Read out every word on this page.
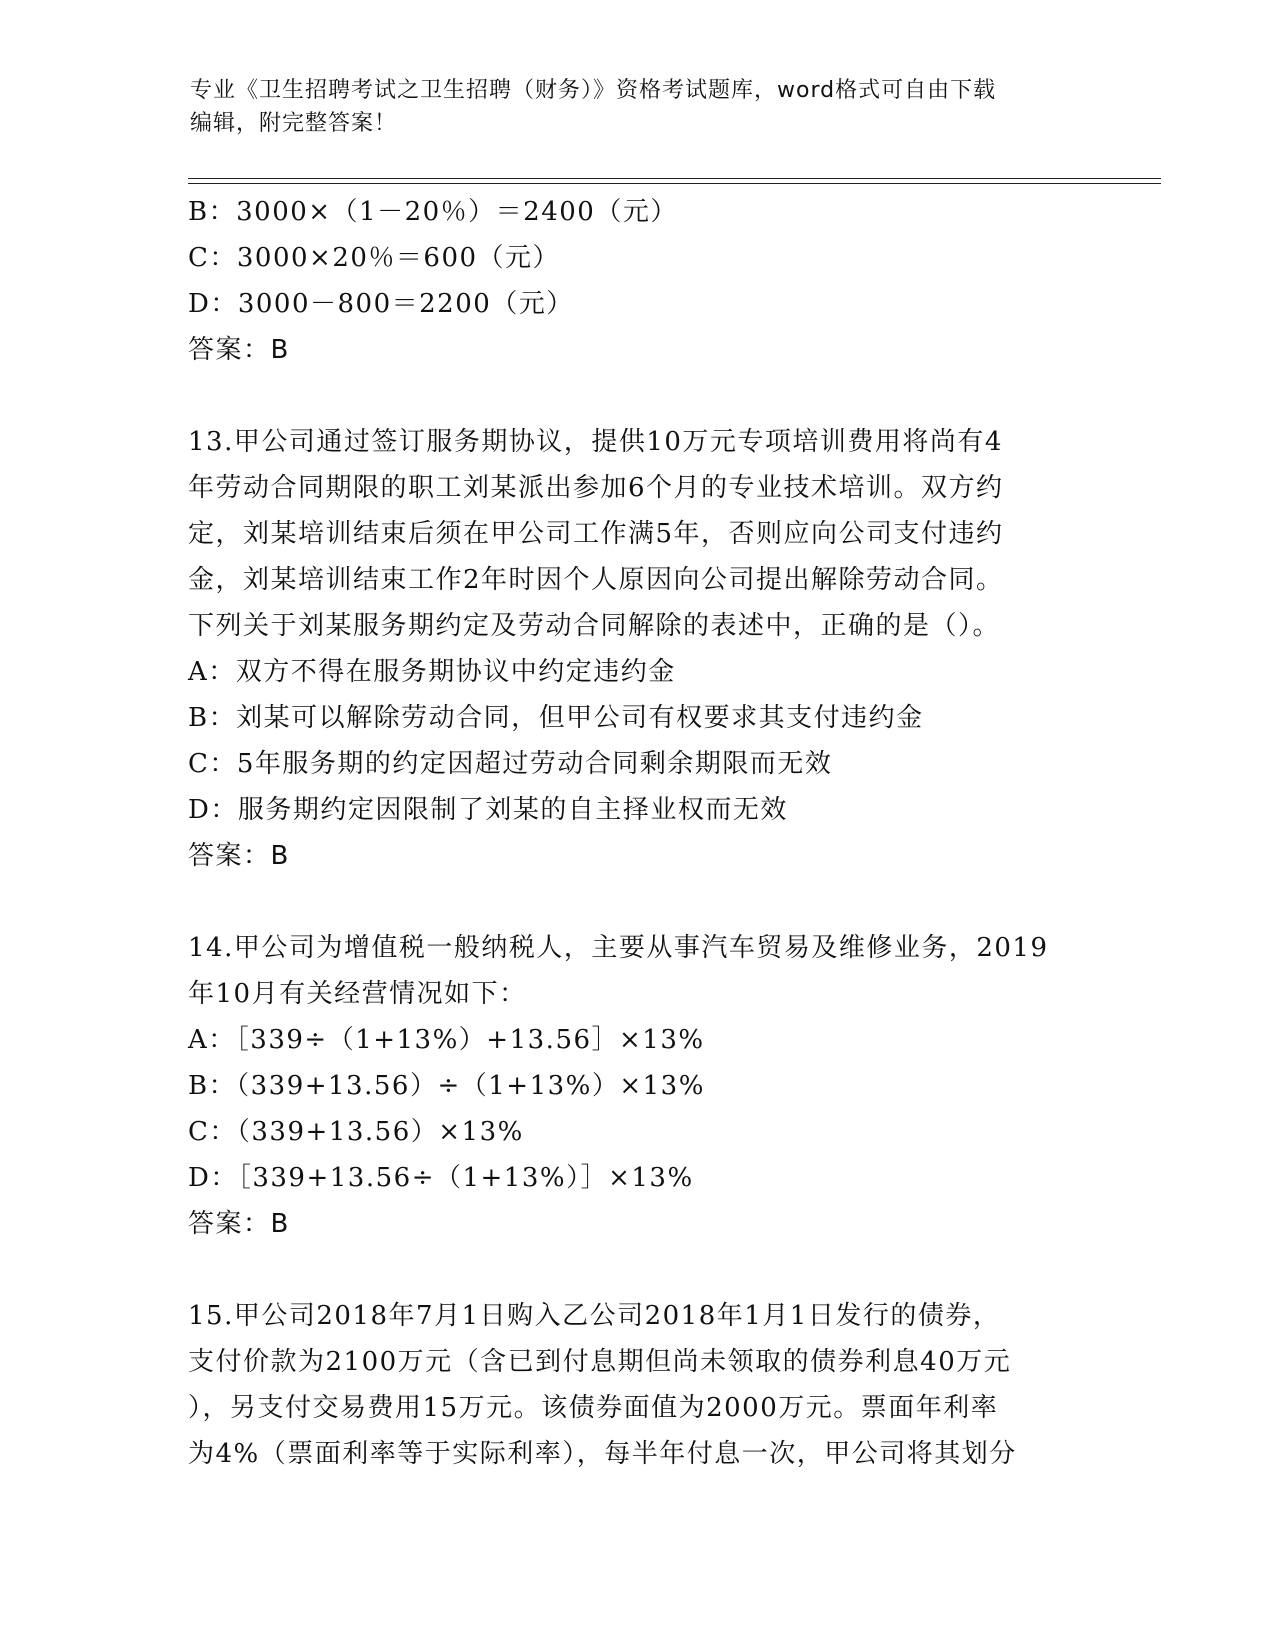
专业《卫生招聘考试之卫生招聘（财务）》资格考试题库，word格式可自由下载
编辑，附完整答案！
B：3000×（1－20％）＝2400（元）
C：3000×20％＝600（元）
D：3000－800＝2200（元）
答案：B
13.甲公司通过签订服务期协议，提供10万元专项培训费用将尚有4
年劳动合同期限的职工刘某派出参加6个月的专业技术培训。双方约
定，刘某培训结束后须在甲公司工作满5年，否则应向公司支付违约
金，刘某培训结束工作2年时因个人原因向公司提出解除劳动合同。
下列关于刘某服务期约定及劳动合同解除的表述中，正确的是（）。
A：双方不得在服务期协议中约定违约金
B：刘某可以解除劳动合同，但甲公司有权要求其支付违约金
C：5年服务期的约定因超过劳动合同剩余期限而无效
D：服务期约定因限制了刘某的自主择业权而无效
答案：B
14.甲公司为增值税一般纳税人，主要从事汽车贸易及维修业务，2019
年10月有关经营情况如下：
A：［339÷（1+13%）+13.56］×13%
B：（339+13.56）÷（1+13%）×13%
C：（339+13.56）×13%
D：［339+13.56÷（1+13%）］×13%
答案：B
15.甲公司2018年7月1日购入乙公司2018年1月1日发行的债券，
支付价款为2100万元（含已到付息期但尚未领取的债券利息40万元
），另支付交易费用15万元。该债券面值为2000万元。票面年利率
为4%（票面利率等于实际利率），每半年付息一次，甲公司将其划分
